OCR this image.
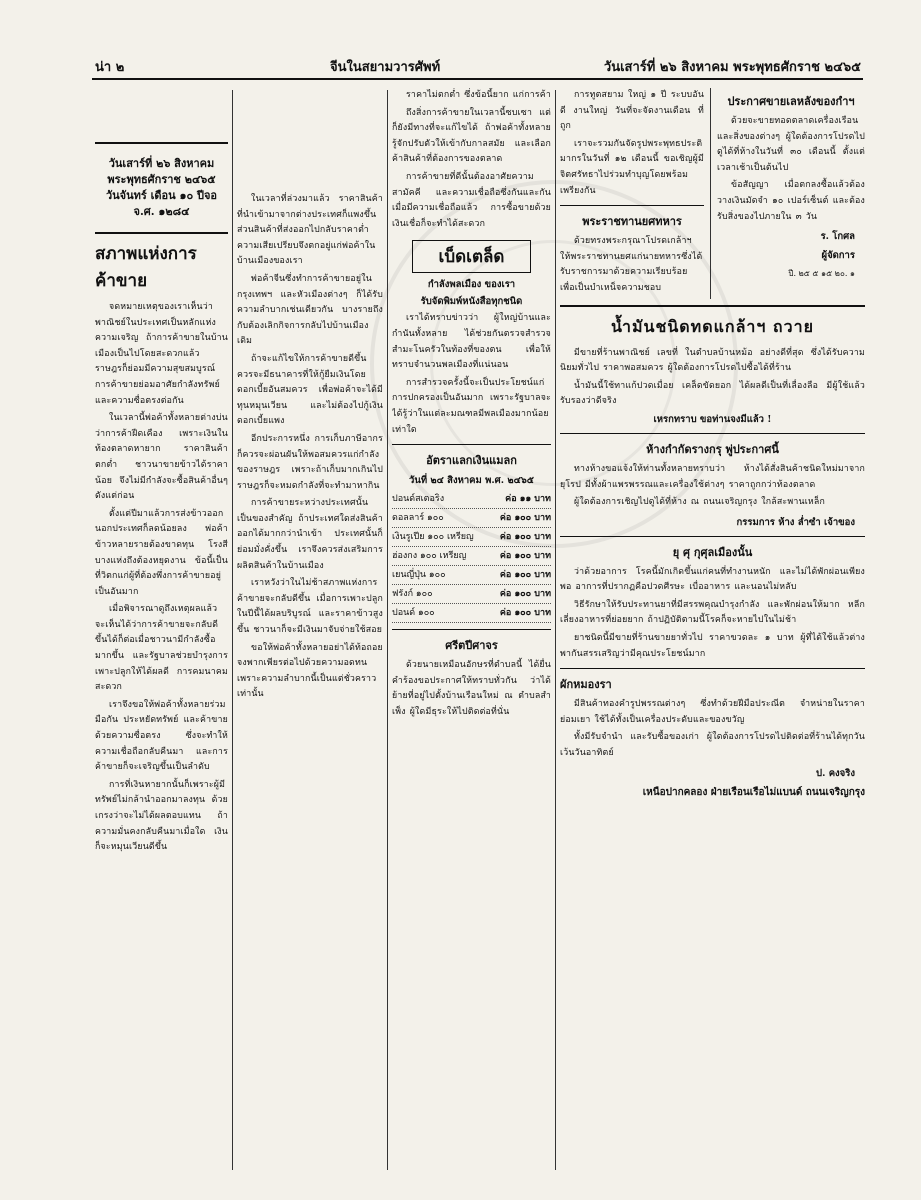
น่า ๒	จีนในสยามวารศัพท์	วันเสาร์ที่ ๒๖ สิงหาคม พระพุทธศักราช ๒๔๖๕
วันเสาร์ที่ ๒๖ สิงหาคม พระพุทธศักราช ๒๔๖๕
วันจันทร์ เดือน ๑๐ ปีจอ จ.ศ. ๑๒๘๔
สภาพแห่งการค้าขาย

จดหมายเหตุของเราเห็นว่าพาณิชย์ในประเทศเป็นหลักแห่งความเจริญ ถ้าการค้าขายในบ้านเมืองเป็นไปโดยสะดวกแล้ว ราษฎรก็ย่อมมีความสุขสมบูรณ์ การค้าขายย่อมอาศัยกำลังทรัพย์และความซื่อตรงต่อกัน

ในเวลานี้พ่อค้าทั้งหลายต่างบ่นว่าการค้าฝืดเคือง เพราะเงินในท้องตลาดหายาก ราคาสินค้าตกต่ำ ชาวนาขายข้าวได้ราคาน้อย จึงไม่มีกำลังจะซื้อสินค้าอื่นๆ ดังแต่ก่อน

ตั้งแต่ปีมาแล้วการส่งข้าวออกนอกประเทศก็ลดน้อยลง พ่อค้าข้าวหลายรายต้องขาดทุน โรงสีบางแห่งถึงต้องหยุดงาน ข้อนี้เป็นที่วิตกแก่ผู้ที่ต้องพึ่งการค้าขายอยู่เป็นอันมาก

เมื่อพิจารณาดูถึงเหตุผลแล้ว จะเห็นได้ว่าการค้าขายจะกลับดีขึ้นได้ก็ต่อเมื่อชาวนามีกำลังซื้อมากขึ้น และรัฐบาลช่วยบำรุงการเพาะปลูกให้ได้ผลดี การคมนาคมสะดวก

เราจึงขอให้พ่อค้าทั้งหลายร่วมมือกัน ประหยัดทรัพย์ และค้าขายด้วยความซื่อตรง ซึ่งจะทำให้ความเชื่อถือกลับคืนมา และการค้าขายก็จะเจริญขึ้นเป็นลำดับ

การที่เงินหายากนั้นก็เพราะผู้มีทรัพย์ไม่กล้านำออกมาลงทุน ด้วยเกรงว่าจะไม่ได้ผลตอบแทน ถ้าความมั่นคงกลับคืนมาเมื่อใด เงินก็จะหมุนเวียนดีขึ้น

ในเวลาที่ล่วงมาแล้ว ราคาสินค้าที่นำเข้ามาจากต่างประเทศก็แพงขึ้น ส่วนสินค้าที่ส่งออกไปกลับราคาต่ำ ความเสียเปรียบจึงตกอยู่แก่พ่อค้าในบ้านเมืองของเรา

พ่อค้าจีนซึ่งทำการค้าขายอยู่ในกรุงเทพฯ และหัวเมืองต่างๆ ก็ได้รับความลำบากเช่นเดียวกัน บางรายถึงกับต้องเลิกกิจการกลับไปบ้านเมืองเดิม

ถ้าจะแก้ไขให้การค้าขายดีขึ้น ควรจะมีธนาคารที่ให้กู้ยืมเงินโดยดอกเบี้ยอันสมควร เพื่อพ่อค้าจะได้มีทุนหมุนเวียน และไม่ต้องไปกู้เงินดอกเบี้ยแพง

อีกประการหนึ่ง การเก็บภาษีอากรก็ควรจะผ่อนผันให้พอสมควรแก่กำลังของราษฎร เพราะถ้าเก็บมากเกินไป ราษฎรก็จะหมดกำลังที่จะทำมาหากิน

การค้าขายระหว่างประเทศนั้นเป็นของสำคัญ ถ้าประเทศใดส่งสินค้าออกได้มากกว่านำเข้า ประเทศนั้นก็ย่อมมั่งคั่งขึ้น เราจึงควรส่งเสริมการผลิตสินค้าในบ้านเมือง

เราหวังว่าในไม่ช้าสภาพแห่งการค้าขายจะกลับดีขึ้น เมื่อการเพาะปลูกในปีนี้ได้ผลบริบูรณ์ และราคาข้าวสูงขึ้น ชาวนาก็จะมีเงินมาจับจ่ายใช้สอย

ขอให้พ่อค้าทั้งหลายอย่าได้ท้อถอย จงพากเพียรต่อไปด้วยความอดทน เพราะความลำบากนี้เป็นแต่ชั่วคราวเท่านั้น

ราคาไม่ตกต่ำ ซึ่งข้อนี้ยาก แก่การค้า

ถึงสิ่งการค้าขายในเวลานี้ซบเซา แต่ก็ยังมีทางที่จะแก้ไขได้ ถ้าพ่อค้าทั้งหลายรู้จักปรับตัวให้เข้ากับกาลสมัย และเลือกค้าสินค้าที่ต้องการของตลาด

การค้าขายที่ดีนั้นต้องอาศัยความสามัคคี และความเชื่อถือซึ่งกันและกัน เมื่อมีความเชื่อถือแล้ว การซื้อขายด้วยเงินเชื่อก็จะทำได้สะดวก

เบ็ดเตล็ด
กำลังพลเมือง ของเรา
รับจัดพิมพ์หนังสือทุกชนิด

เราได้ทราบข่าวว่า ผู้ใหญ่บ้านและกำนันทั้งหลาย ได้ช่วยกันตรวจสำรวจสำมะโนครัวในท้องที่ของตน เพื่อให้ทราบจำนวนพลเมืองที่แน่นอน

การสำรวจครั้งนี้จะเป็นประโยชน์แก่การปกครองเป็นอันมาก เพราะรัฐบาลจะได้รู้ว่าในแต่ละมณฑลมีพลเมืองมากน้อยเท่าใด

อัตราแลกเงินแมลก
วันที่ ๒๔ สิงหาคม พ.ศ. ๒๔๖๕
ปอนด์สเตอริง	ค่อ ๑๑ บาท
ดอลลาร์ ๑๐๐	ค่อ ๑๐๐ บาท
เงินรูเปีย ๑๐๐ เหรียญ	ค่อ ๑๐๐ บาท
ฮ่องกง ๑๐๐ เหรียญ	ค่อ ๑๐๐ บาท
เยนญี่ปุ่น ๑๐๐	ค่อ ๑๐๐ บาท
ฟรังก์ ๑๐๐	ค่อ ๑๐๐ บาท
ปอนด์ ๑๐๐	ค่อ ๑๐๐ บาท
ศรีตปีศาจร

ด้วยนายเหมือนอักษรที่ตำบลนี้ ได้ยื่นคำร้องขอประกาศให้ทราบทั่วกัน ว่าได้ย้ายที่อยู่ไปตั้งบ้านเรือนใหม่ ณ ตำบลสำเพ็ง ผู้ใดมีธุระให้ไปติดต่อที่นั่น

การทูตสยาม ใหญ่ ๑ ปี ระบบอันดี งานใหญ่ วันที่จะจัดงานเดือน ที่ถูก

เราจะรวมกันจัดรูปพระพุทธประติมากรในวันที่ ๑๒ เดือนนี้ ขอเชิญผู้มีจิตศรัทธาไปร่วมทำบุญโดยพร้อมเพรียงกัน

พระราชทานยศทหาร

ด้วยทรงพระกรุณาโปรดเกล้าฯ ให้พระราชทานยศแก่นายทหารซึ่งได้รับราชการมาด้วยความเรียบร้อย เพื่อเป็นบำเหน็จความชอบ

ประกาศขายเลหลังของกำฯ

ด้วยจะขายทอดตลาดเครื่องเรือน และสิ่งของต่างๆ ผู้ใดต้องการโปรดไปดูได้ที่ห้างในวันที่ ๓๐ เดือนนี้ ตั้งแต่เวลาเช้าเป็นต้นไป

ข้อสัญญา เมื่อตกลงซื้อแล้วต้องวางเงินมัดจำ ๑๐ เปอร์เซ็นต์ และต้องรับสิ่งของไปภายใน ๓ วัน

ร. โกศล
ผู้จัดการ
ปี. ๒๕ ๕ ๑๕ ๒๐. ๑
น้ำมันชนิดทดแกล้าฯ ถวาย

มีขายที่ร้านพาณิชย์ เลขที่ ในตำบลบ้านหม้อ อย่างดีที่สุด ซึ่งได้รับความนิยมทั่วไป ราคาพอสมควร ผู้ใดต้องการโปรดไปซื้อได้ที่ร้าน

น้ำมันนี้ใช้ทาแก้ปวดเมื่อย เคล็ดขัดยอก ได้ผลดีเป็นที่เลื่องลือ มีผู้ใช้แล้วรับรองว่าดีจริง

เหรกทราบ ขอท่านจงมีแล้ว !
ห้างกำกัดรางกรุ พู่ประกาศนี้

ทางห้างขอแจ้งให้ท่านทั้งหลายทราบว่า ห้างได้สั่งสินค้าชนิดใหม่มาจากยุโรป มีทั้งผ้าแพรพรรณและเครื่องใช้ต่างๆ ราคาถูกกว่าท้องตลาด

ผู้ใดต้องการเชิญไปดูได้ที่ห้าง ณ ถนนเจริญกรุง ใกล้สะพานเหล็ก

กรรมการ ห้าง ล่ำซำ เจ้าของ
ยุ ศุ กุศุลเมืองนั้น

ว่าด้วยอาการ โรคนี้มักเกิดขึ้นแก่คนที่ทำงานหนัก และไม่ได้พักผ่อนเพียงพอ อาการที่ปรากฏคือปวดศีรษะ เบื่ออาหาร และนอนไม่หลับ

วิธีรักษาให้รับประทานยาที่มีสรรพคุณบำรุงกำลัง และพักผ่อนให้มาก หลีกเลี่ยงอาหารที่ย่อยยาก ถ้าปฏิบัติตามนี้โรคก็จะหายไปในไม่ช้า

ยาชนิดนี้มีขายที่ร้านขายยาทั่วไป ราคาขวดละ ๑ บาท ผู้ที่ได้ใช้แล้วต่างพากันสรรเสริญว่ามีคุณประโยชน์มาก

ผักหมองรา

มีสินค้าทองคำรูปพรรณต่างๆ ซึ่งทำด้วยฝีมือประณีต จำหน่ายในราคาย่อมเยา ใช้ได้ทั้งเป็นเครื่องประดับและของขวัญ

ทั้งมีรับจำนำ และรับซื้อของเก่า ผู้ใดต้องการโปรดไปติดต่อที่ร้านได้ทุกวันเว้นวันอาทิตย์

ป. คงจริง
เหนือปากคลอง ฝ่ายเรือนเรือไม่แบนด์ ถนนเจริญกรุง
